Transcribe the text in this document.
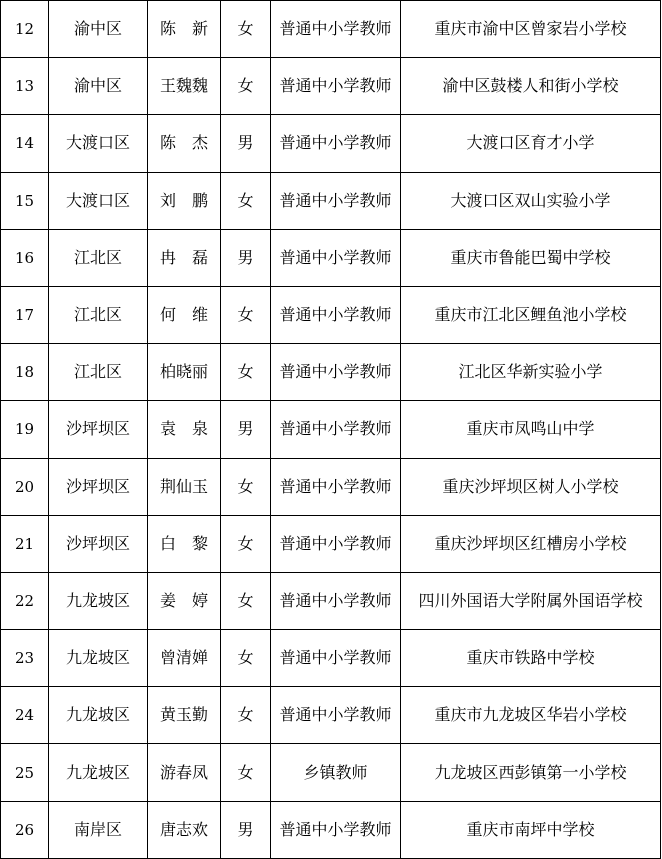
12	渝中区	陈　新	女	普通中小学教师	重庆市渝中区曾家岩小学校
13	渝中区	王魏魏	女	普通中小学教师	渝中区鼓楼人和街小学校
14	大渡口区	陈　杰	男	普通中小学教师	大渡口区育才小学
15	大渡口区	刘　鹏	女	普通中小学教师	大渡口区双山实验小学
16	江北区	冉　磊	男	普通中小学教师	重庆市鲁能巴蜀中学校
17	江北区	何　维	女	普通中小学教师	重庆市江北区鲤鱼池小学校
18	江北区	柏晓丽	女	普通中小学教师	江北区华新实验小学
19	沙坪坝区	袁　泉	男	普通中小学教师	重庆市凤鸣山中学
20	沙坪坝区	荆仙玉	女	普通中小学教师	重庆沙坪坝区树人小学校
21	沙坪坝区	白　黎	女	普通中小学教师	重庆沙坪坝区红槽房小学校
22	九龙坡区	姜　婷	女	普通中小学教师	四川外国语大学附属外国语学校
23	九龙坡区	曾清婵	女	普通中小学教师	重庆市铁路中学校
24	九龙坡区	黄玉勤	女	普通中小学教师	重庆市九龙坡区华岩小学校
25	九龙坡区	游春凤	女	乡镇教师	九龙坡区西彭镇第一小学校
26	南岸区	唐志欢	男	普通中小学教师	重庆市南坪中学校
